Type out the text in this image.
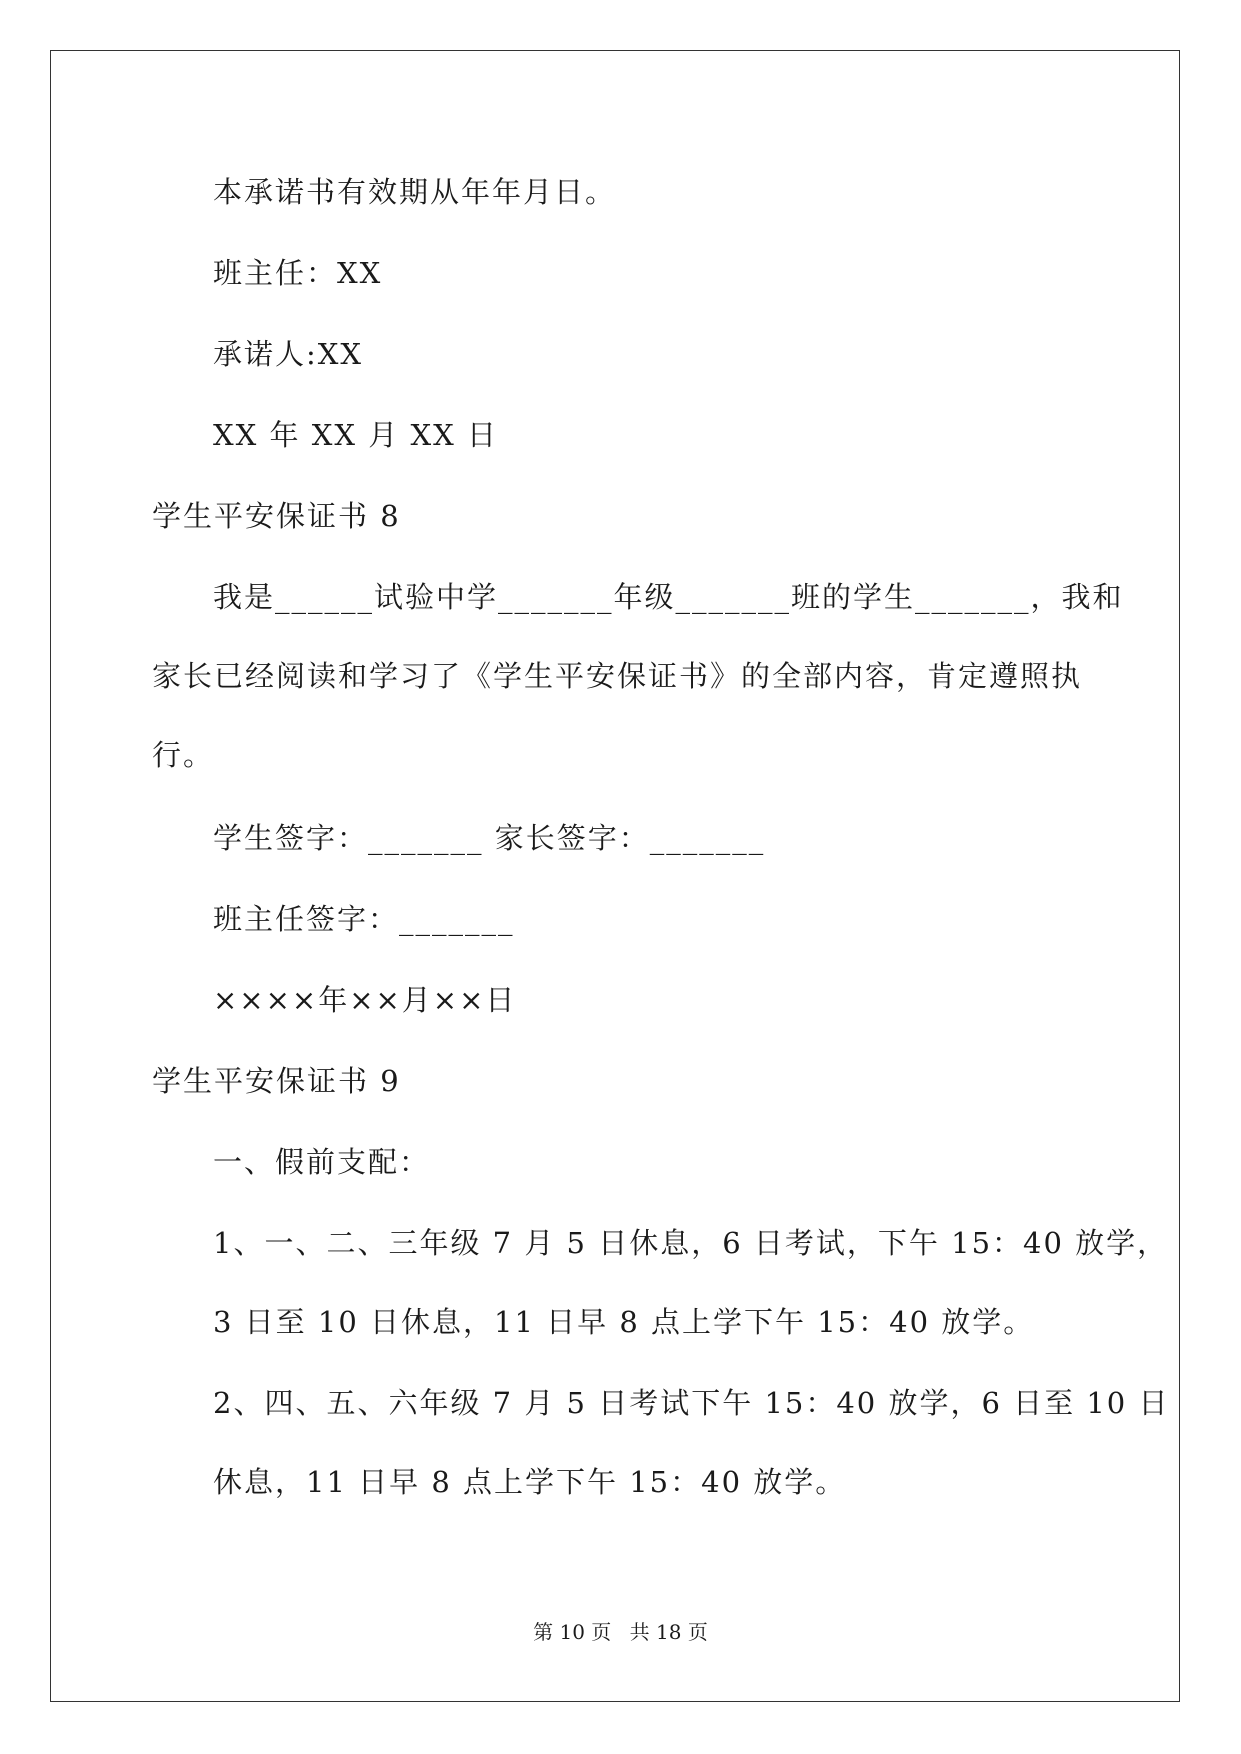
本承诺书有效期从年年月日。
班主任：XX
承诺人:XX
XX 年 XX 月 XX 日
学生平安保证书 8
我是______试验中学_______年级_______班的学生_______，我和
家长已经阅读和学习了《学生平安保证书》的全部内容，肯定遵照执
行。
学生签字：_______ 家长签字：_______
班主任签字：_______
××××年××月××日
学生平安保证书 9
一、假前支配：
1、一、二、三年级 7 月 5 日休息，6 日考试，下午 15：40 放学，
3 日至 10 日休息，11 日早 8 点上学下午 15：40 放学。
2、四、五、六年级 7 月 5 日考试下午 15：40 放学，6 日至 10 日
休息，11 日早 8 点上学下午 15：40 放学。
第 10 页 共 18 页
